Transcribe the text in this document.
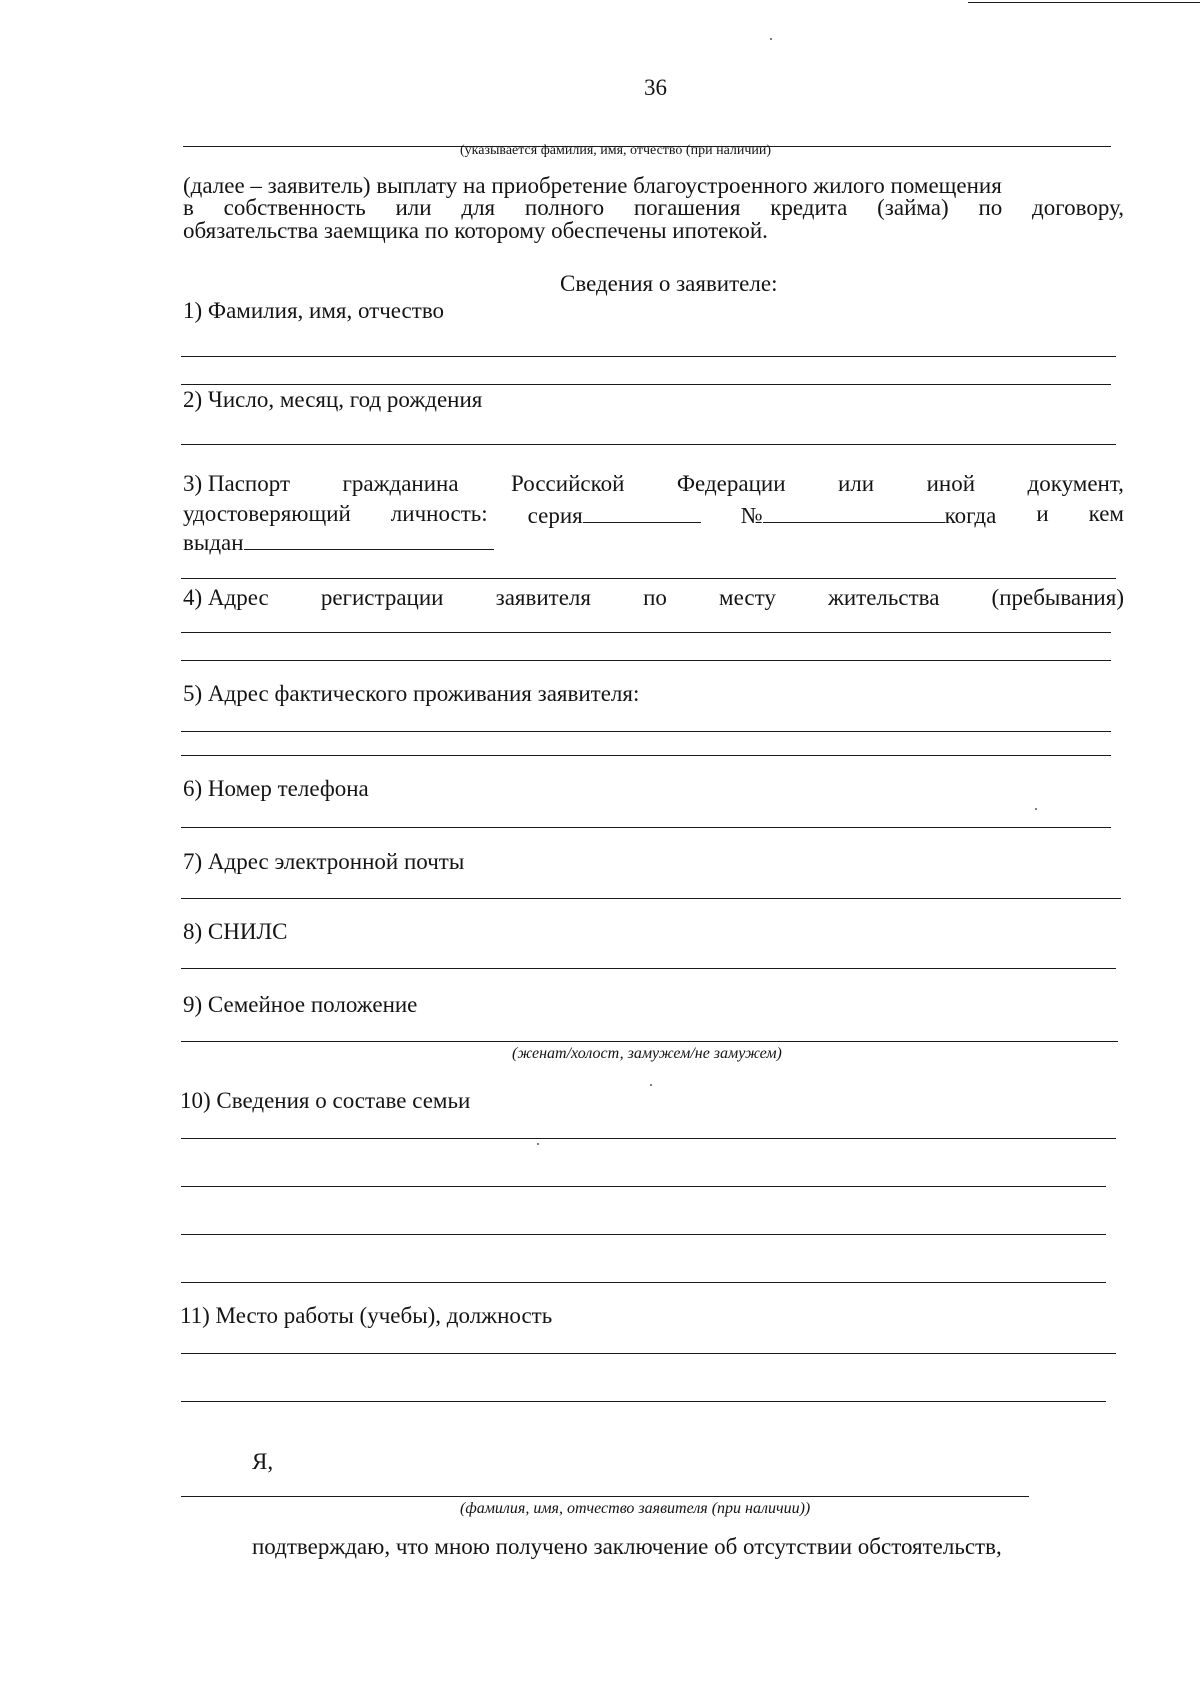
36
(указывается фамилия, имя, отчество (при наличии)
(далее – заявитель) выплату на приобретение благоустроенного жилого помещения
в собственность или для полного погашения кредита (займа) по договору,
обязательства заемщика по которому обеспечены ипотекой.
Сведения о заявителе:
1) Фамилия, имя, отчество
2) Число, месяц, год рождения
3) Паспорт гражданина Российской Федерации или иной документ,
удостоверяющий личность: серия	№	когда и кем
выдан
4) Адрес регистрации заявителя по месту жительства (пребывания)
5) Адрес фактического проживания заявителя:
6) Номер телефона
7) Адрес электронной почты
8) СНИЛС
9) Семейное положение
(женат/холост, замужем/не замужем)
10) Сведения о составе семьи
11) Место работы (учебы), должность
Я,
(фамилия, имя, отчество заявителя (при наличии))
подтверждаю, что мною получено заключение об отсутствии обстоятельств,
